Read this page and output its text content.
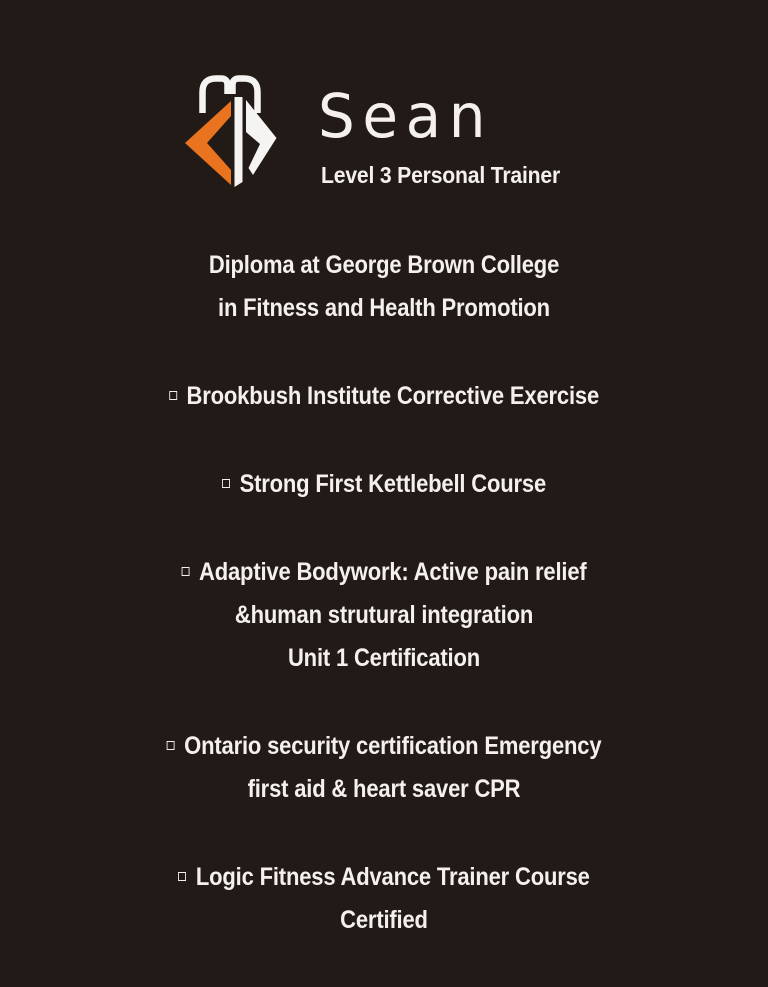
Sean
Level 3 Personal Trainer

Diploma at George Brown College

in Fitness and Health Promotion

Brookbush Institute Corrective Exercise

Strong First Kettlebell Course

Adaptive Bodywork: Active pain relief

&human strutural integration

Unit 1 Certification

Ontario security certification Emergency

first aid & heart saver CPR

Logic Fitness Advance Trainer Course

Certified
